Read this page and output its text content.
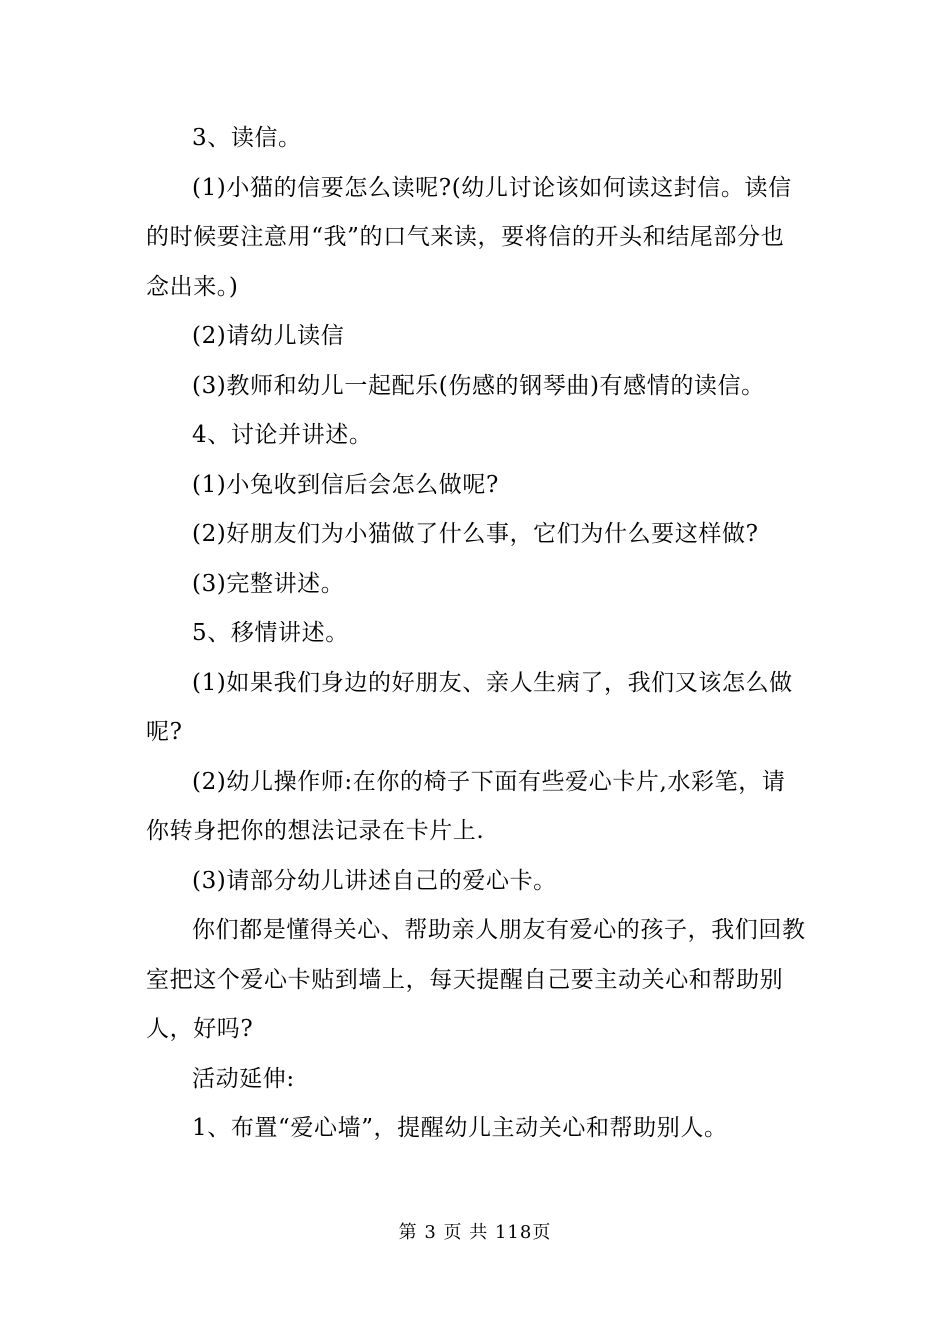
3、读信。

(1)小猫的信要怎么读呢?(幼儿讨论该如何读这封信。读信的时候要注意用“我”的口气来读，要将信的开头和结尾部分也念出来。)

(2)请幼儿读信

(3)教师和幼儿一起配乐(伤感的钢琴曲)有感情的读信。

4、讨论并讲述。

(1)小兔收到信后会怎么做呢?

(2)好朋友们为小猫做了什么事，它们为什么要这样做?

(3)完整讲述。

5、移情讲述。

(1)如果我们身边的好朋友、亲人生病了，我们又该怎么做呢?

(2)幼儿操作师:在你的椅子下面有些爱心卡片,水彩笔，请你转身把你的想法记录在卡片上.

(3)请部分幼儿讲述自己的爱心卡。

你们都是懂得关心、帮助亲人朋友有爱心的孩子，我们回教室把这个爱心卡贴到墙上，每天提醒自己要主动关心和帮助别人，好吗?

活动延伸:

1、布置“爱心墙”，提醒幼儿主动关心和帮助别人。

第 3 页 共 118页
